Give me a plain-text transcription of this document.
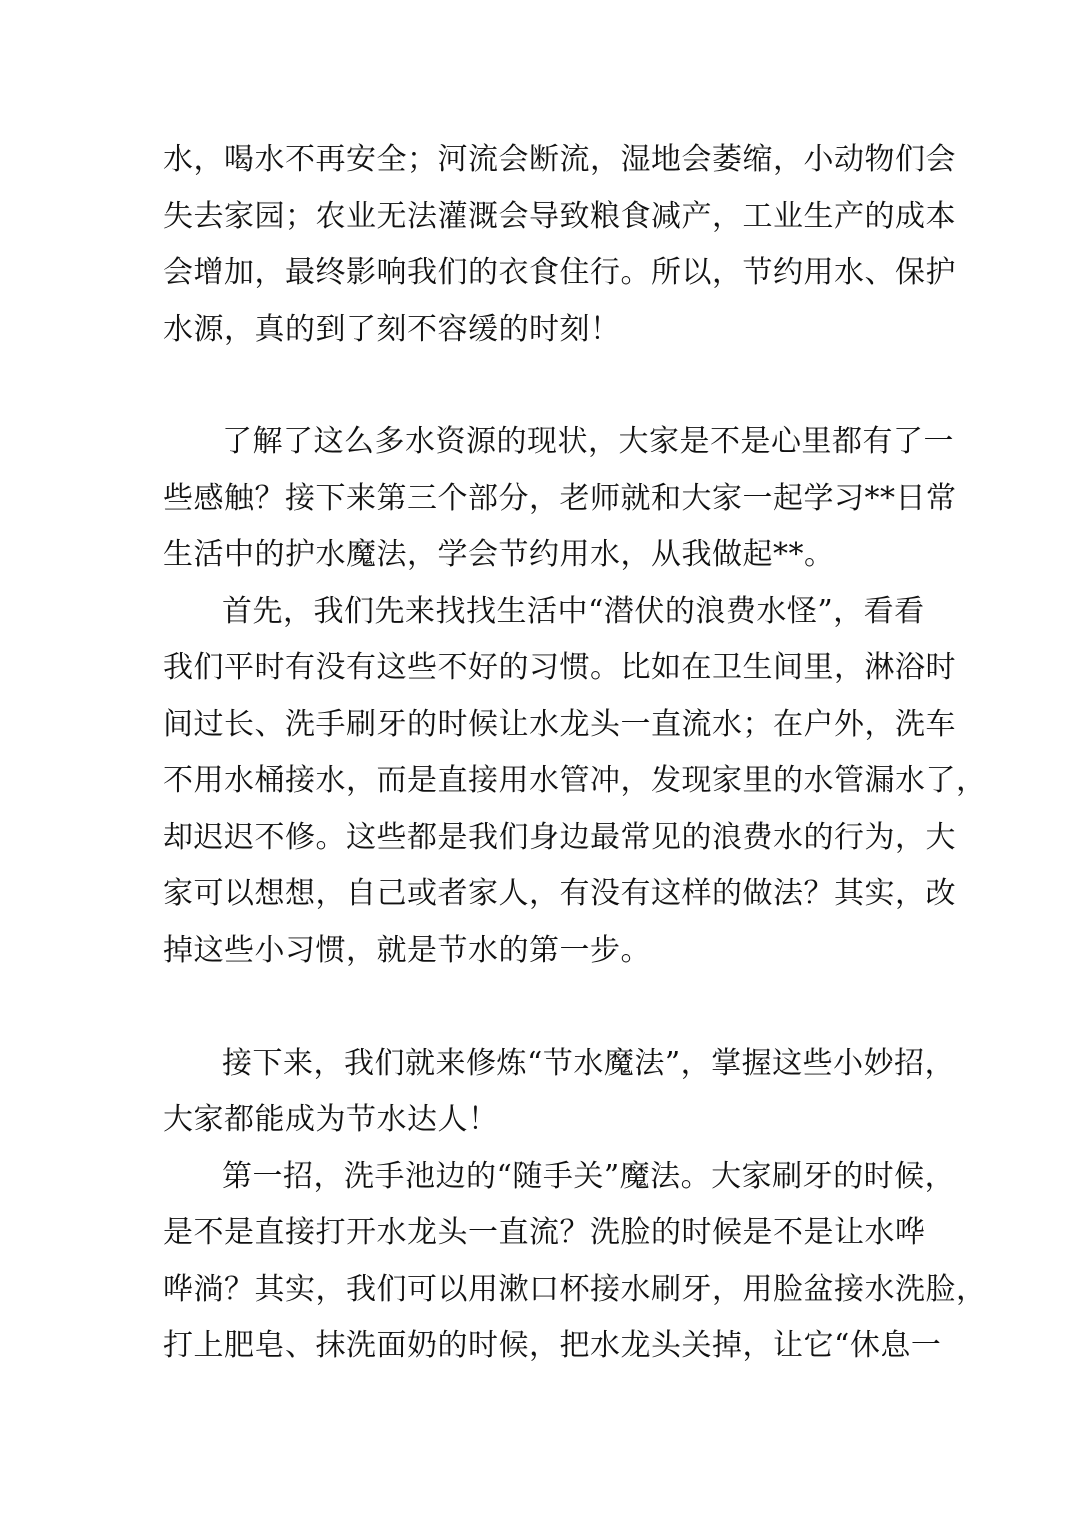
水，喝水不再安全；河流会断流，湿地会萎缩，小动物们会
失去家园；农业无法灌溉会导致粮食减产，工业生产的成本
会增加，最终影响我们的衣食住行。所以，节约用水、保护
水源，真的到了刻不容缓的时刻！
了解了这么多水资源的现状，大家是不是心里都有了一
些感触？接下来第三个部分，老师就和大家一起学习**日常
生活中的护水魔法，学会节约用水，从我做起**。
首先，我们先来找找生活中“潜伏的浪费水怪”，看看
我们平时有没有这些不好的习惯。比如在卫生间里，淋浴时
间过长、洗手刷牙的时候让水龙头一直流水；在户外，洗车
不用水桶接水，而是直接用水管冲，发现家里的水管漏水了，
却迟迟不修。这些都是我们身边最常见的浪费水的行为，大
家可以想想，自己或者家人，有没有这样的做法？其实，改
掉这些小习惯，就是节水的第一步。
接下来，我们就来修炼“节水魔法”，掌握这些小妙招，
大家都能成为节水达人！
第一招，洗手池边的“随手关”魔法。大家刷牙的时候，
是不是直接打开水龙头一直流？洗脸的时候是不是让水哗
哗淌？其实，我们可以用漱口杯接水刷牙，用脸盆接水洗脸，
打上肥皂、抹洗面奶的时候，把水龙头关掉，让它“休息一
